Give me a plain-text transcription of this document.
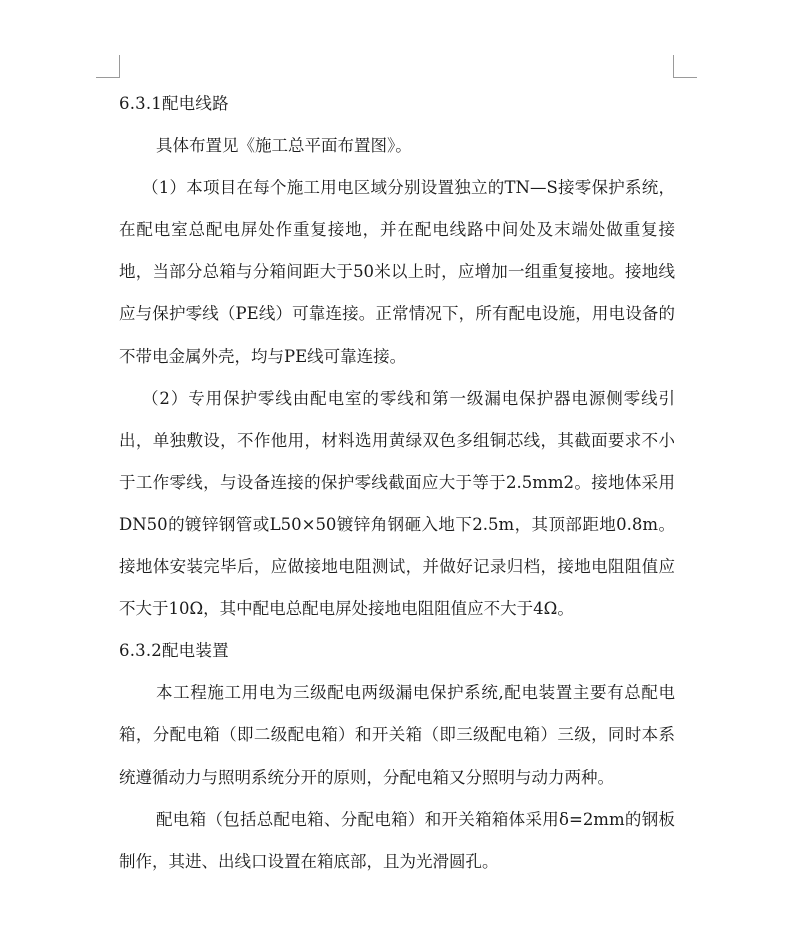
6.3.1配电线路

具体布置见《施工总平面布置图》。

（1）本项目在每个施工用电区域分别设置独立的TN—S接零保护系统，在配电室总配电屏处作重复接地，并在配电线路中间处及末端处做重复接地，当部分总箱与分箱间距大于50米以上时，应增加一组重复接地。接地线应与保护零线（PE线）可靠连接。正常情况下，所有配电设施，用电设备的不带电金属外壳，均与PE线可靠连接。

（2）专用保护零线由配电室的零线和第一级漏电保护器电源侧零线引出，单独敷设，不作他用，材料选用黄绿双色多组铜芯线，其截面要求不小于工作零线，与设备连接的保护零线截面应大于等于2.5mm2。接地体采用DN50的镀锌钢管或L50×50镀锌角钢砸入地下2.5m，其顶部距地0.8m。接地体安装完毕后，应做接地电阻测试，并做好记录归档，接地电阻阻值应不大于10Ω，其中配电总配电屏处接地电阻阻值应不大于4Ω。

6.3.2配电装置

本工程施工用电为三级配电两级漏电保护系统,配电装置主要有总配电箱，分配电箱（即二级配电箱）和开关箱（即三级配电箱）三级，同时本系统遵循动力与照明系统分开的原则，分配电箱又分照明与动力两种。

配电箱（包括总配电箱、分配电箱）和开关箱箱体采用δ=2mm的钢板制作，其进、出线口设置在箱底部，且为光滑圆孔。
